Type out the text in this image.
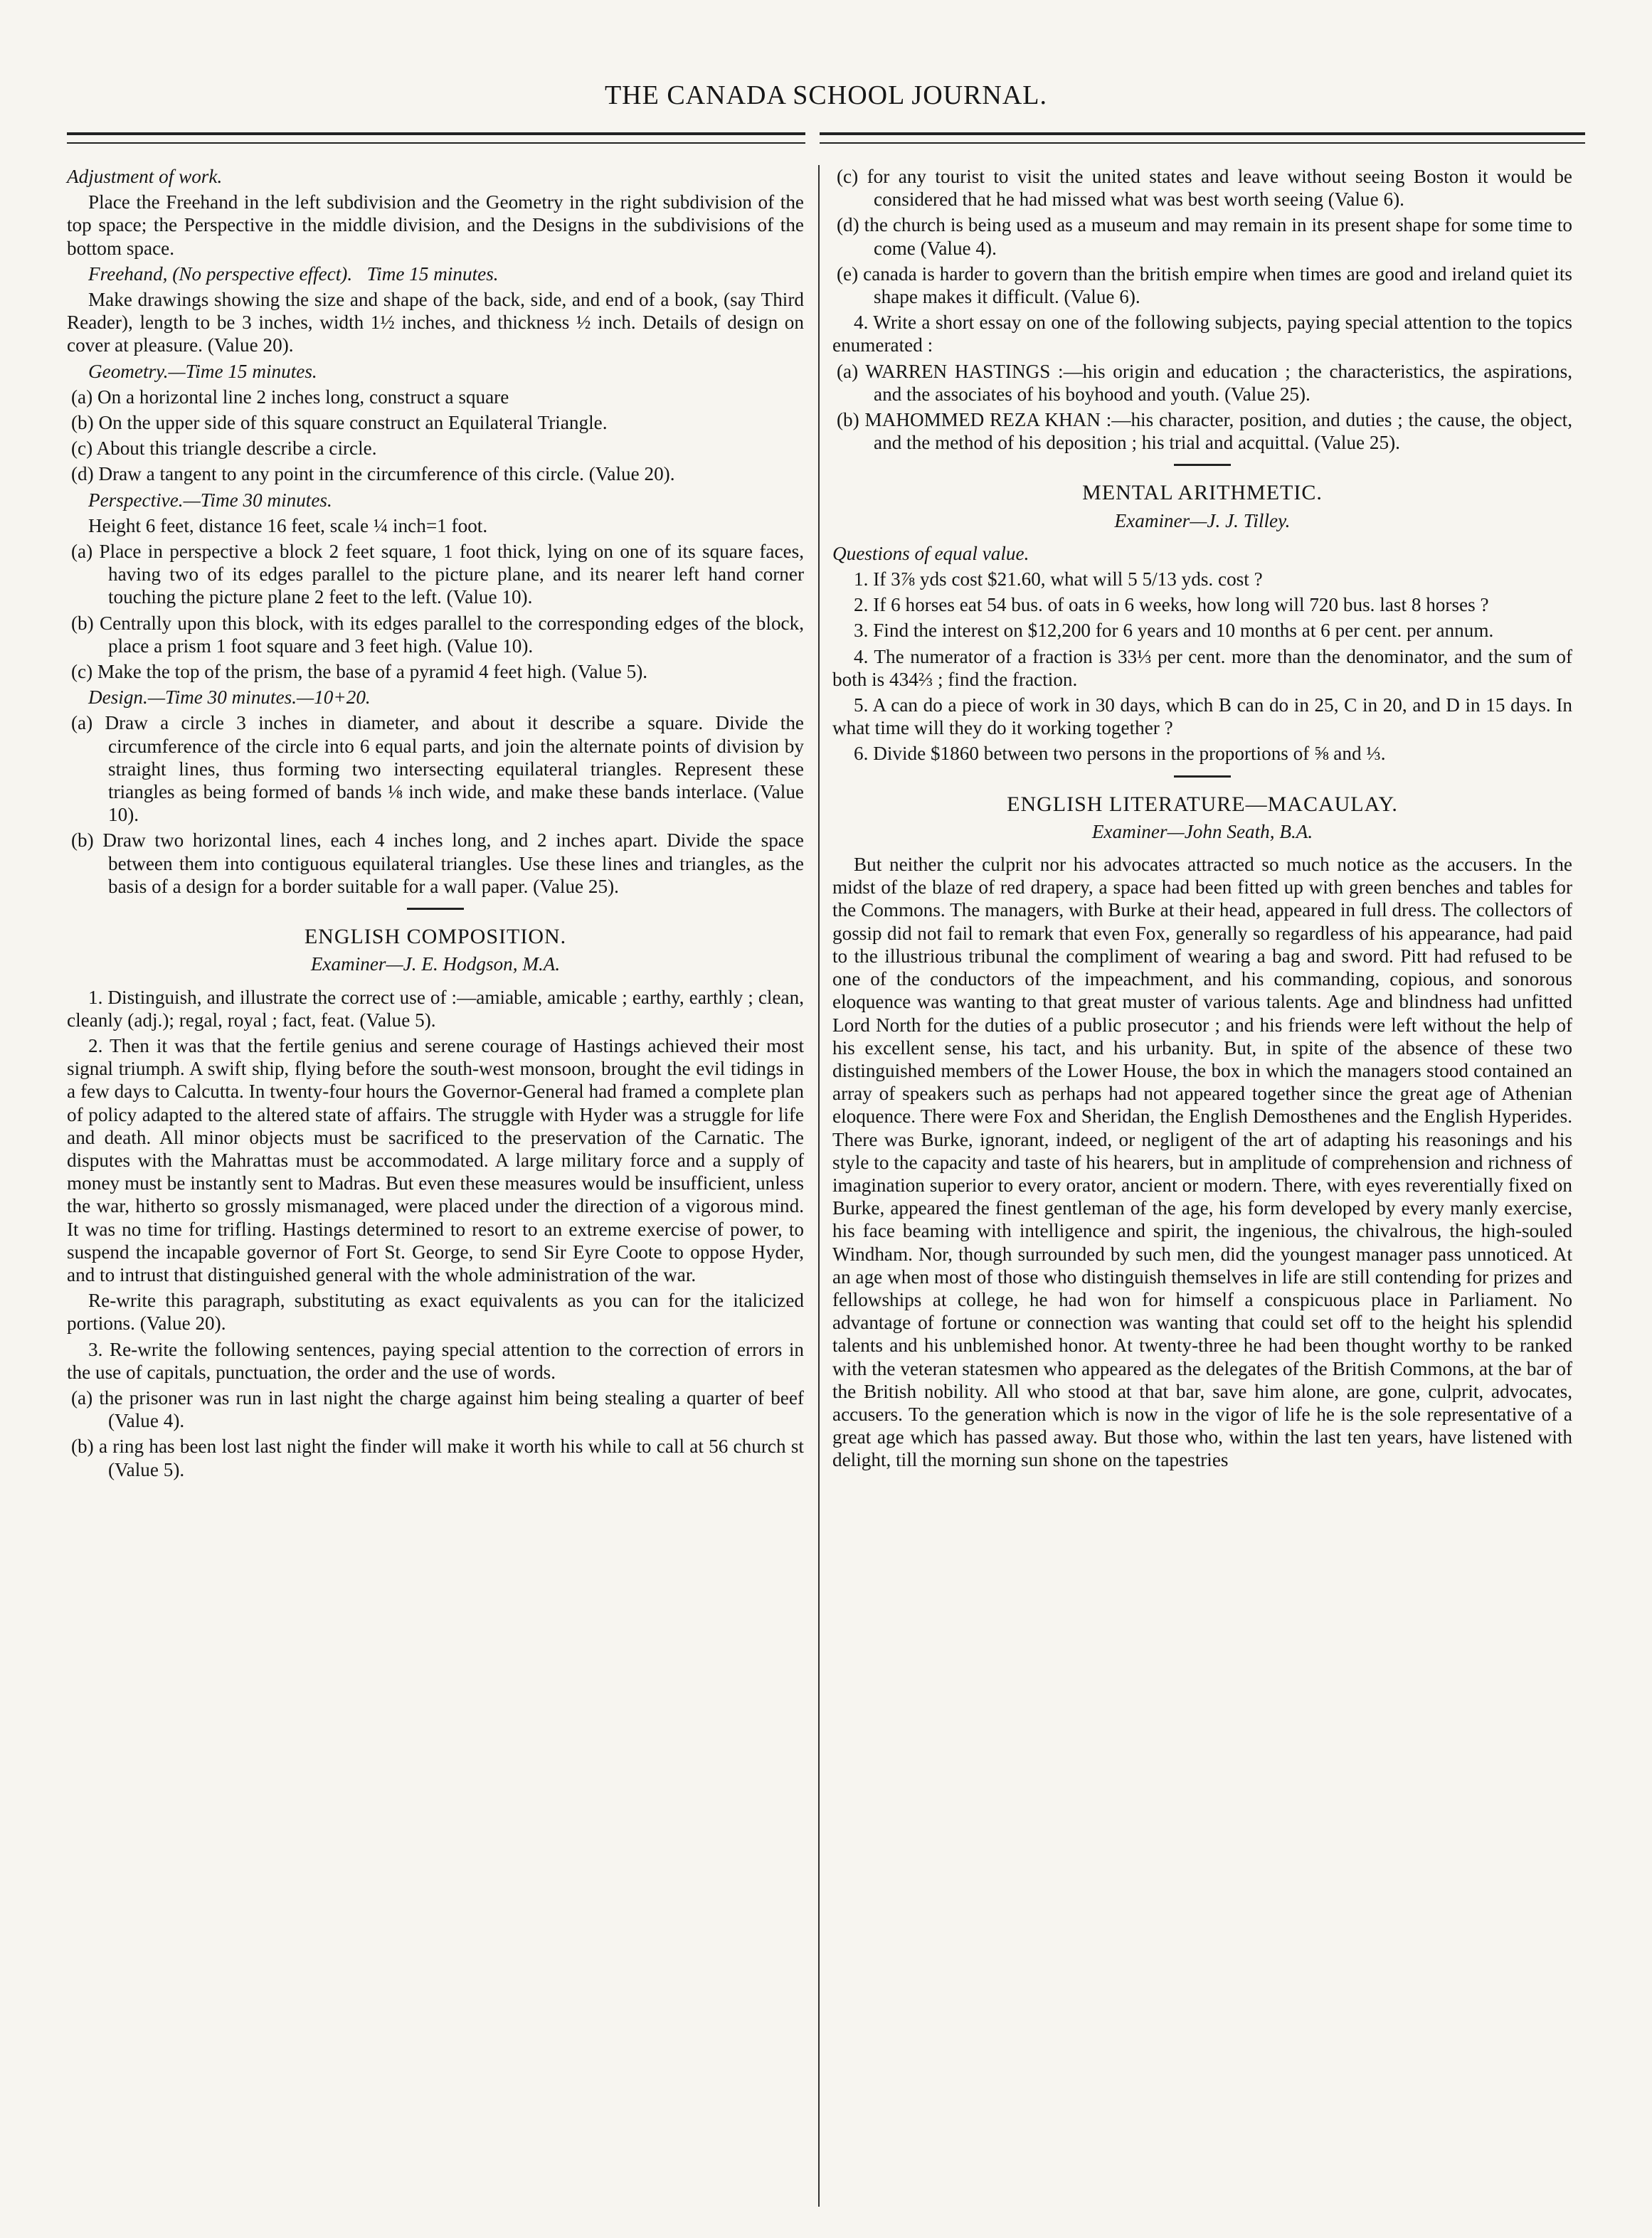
THE CANADA SCHOOL JOURNAL.

Adjustment of work.

Place the Freehand in the left subdivision and the Geometry in the right subdivision of the top space; the Perspective in the middle division, and the Designs in the subdivisions of the bottom space.

Freehand, (No perspective effect). Time 15 minutes.

Make drawings showing the size and shape of the back, side, and end of a book, (say Third Reader), length to be 3 inches, width 1½ inches, and thickness ½ inch. Details of design on cover at pleasure. (Value 20).

Geometry.—Time 15 minutes.

(a) On a horizontal line 2 inches long, construct a square

(b) On the upper side of this square construct an Equilateral Triangle.

(c) About this triangle describe a circle.

(d) Draw a tangent to any point in the circumference of this circle. (Value 20).

Perspective.—Time 30 minutes.

Height 6 feet, distance 16 feet, scale ¼ inch=1 foot.

(a) Place in perspective a block 2 feet square, 1 foot thick, lying on one of its square faces, having two of its edges parallel to the picture plane, and its nearer left hand corner touching the picture plane 2 feet to the left. (Value 10).

(b) Centrally upon this block, with its edges parallel to the corresponding edges of the block, place a prism 1 foot square and 3 feet high. (Value 10).

(c) Make the top of the prism, the base of a pyramid 4 feet high. (Value 5).

Design.—Time 30 minutes.—10+20.

(a) Draw a circle 3 inches in diameter, and about it describe a square. Divide the circumference of the circle into 6 equal parts, and join the alternate points of division by straight lines, thus forming two intersecting equilateral triangles. Represent these triangles as being formed of bands ⅛ inch wide, and make these bands interlace. (Value 10).

(b) Draw two horizontal lines, each 4 inches long, and 2 inches apart. Divide the space between them into contiguous equilateral triangles. Use these lines and triangles, as the basis of a design for a border suitable for a wall paper. (Value 25).

ENGLISH COMPOSITION.

Examiner—J. E. Hodgson, M.A.

1. Distinguish, and illustrate the correct use of :—amiable, amicable ; earthy, earthly ; clean, cleanly (adj.); regal, royal ; fact, feat. (Value 5).

2. Then it was that the fertile genius and serene courage of Hastings achieved their most signal triumph. A swift ship, flying before the south-west monsoon, brought the evil tidings in a few days to Calcutta. In twenty-four hours the Governor-General had framed a complete plan of policy adapted to the altered state of affairs. The struggle with Hyder was a struggle for life and death. All minor objects must be sacrificed to the preservation of the Carnatic. The disputes with the Mahrattas must be accommodated. A large military force and a supply of money must be instantly sent to Madras. But even these measures would be insufficient, unless the war, hitherto so grossly mismanaged, were placed under the direction of a vigorous mind. It was no time for trifling. Hastings determined to resort to an extreme exercise of power, to suspend the incapable governor of Fort St. George, to send Sir Eyre Coote to oppose Hyder, and to intrust that distinguished general with the whole administration of the war.

Re-write this paragraph, substituting as exact equivalents as you can for the italicized portions. (Value 20).

3. Re-write the following sentences, paying special attention to the correction of errors in the use of capitals, punctuation, the order and the use of words.

(a) the prisoner was run in last night the charge against him being stealing a quarter of beef (Value 4).

(b) a ring has been lost last night the finder will make it worth his while to call at 56 church st (Value 5).

(c) for any tourist to visit the united states and leave without seeing Boston it would be considered that he had missed what was best worth seeing (Value 6).

(d) the church is being used as a museum and may remain in its present shape for some time to come (Value 4).

(e) canada is harder to govern than the british empire when times are good and ireland quiet its shape makes it difficult. (Value 6).

4. Write a short essay on one of the following subjects, paying special attention to the topics enumerated :

(a) WARREN HASTINGS :—his origin and education ; the characteristics, the aspirations, and the associates of his boyhood and youth. (Value 25).

(b) MAHOMMED REZA KHAN :—his character, position, and duties ; the cause, the object, and the method of his deposition ; his trial and acquittal. (Value 25).

MENTAL ARITHMETIC.

Examiner—J. J. Tilley.

Questions of equal value.

1. If 3⅞ yds cost $21.60, what will 5 5/13 yds. cost ?

2. If 6 horses eat 54 bus. of oats in 6 weeks, how long will 720 bus. last 8 horses ?

3. Find the interest on $12,200 for 6 years and 10 months at 6 per cent. per annum.

4. The numerator of a fraction is 33⅓ per cent. more than the denominator, and the sum of both is 434⅔ ; find the fraction.

5. A can do a piece of work in 30 days, which B can do in 25, C in 20, and D in 15 days. In what time will they do it working together ?

6. Divide $1860 between two persons in the proportions of ⅝ and ⅓.

ENGLISH LITERATURE—MACAULAY.

Examiner—John Seath, B.A.

But neither the culprit nor his advocates attracted so much notice as the accusers. In the midst of the blaze of red drapery, a space had been fitted up with green benches and tables for the Commons. The managers, with Burke at their head, appeared in full dress. The collectors of gossip did not fail to remark that even Fox, generally so regardless of his appearance, had paid to the illustrious tribunal the compliment of wearing a bag and sword. Pitt had refused to be one of the conductors of the impeachment, and his commanding, copious, and sonorous eloquence was wanting to that great muster of various talents. Age and blindness had unfitted Lord North for the duties of a public prosecutor ; and his friends were left without the help of his excellent sense, his tact, and his urbanity. But, in spite of the absence of these two distinguished members of the Lower House, the box in which the managers stood contained an array of speakers such as perhaps had not appeared together since the great age of Athenian eloquence. There were Fox and Sheridan, the English Demosthenes and the English Hyperides. There was Burke, ignorant, indeed, or negligent of the art of adapting his reasonings and his style to the capacity and taste of his hearers, but in amplitude of comprehension and richness of imagination superior to every orator, ancient or modern. There, with eyes reverentially fixed on Burke, appeared the finest gentleman of the age, his form developed by every manly exercise, his face beaming with intelligence and spirit, the ingenious, the chivalrous, the high-souled Windham. Nor, though surrounded by such men, did the youngest manager pass unnoticed. At an age when most of those who distinguish themselves in life are still contending for prizes and fellowships at college, he had won for himself a conspicuous place in Parliament. No advantage of fortune or connection was wanting that could set off to the height his splendid talents and his unblemished honor. At twenty-three he had been thought worthy to be ranked with the veteran statesmen who appeared as the delegates of the British Commons, at the bar of the British nobility. All who stood at that bar, save him alone, are gone, culprit, advocates, accusers. To the generation which is now in the vigor of life he is the sole representative of a great age which has passed away. But those who, within the last ten years, have listened with delight, till the morning sun shone on the tapestries
